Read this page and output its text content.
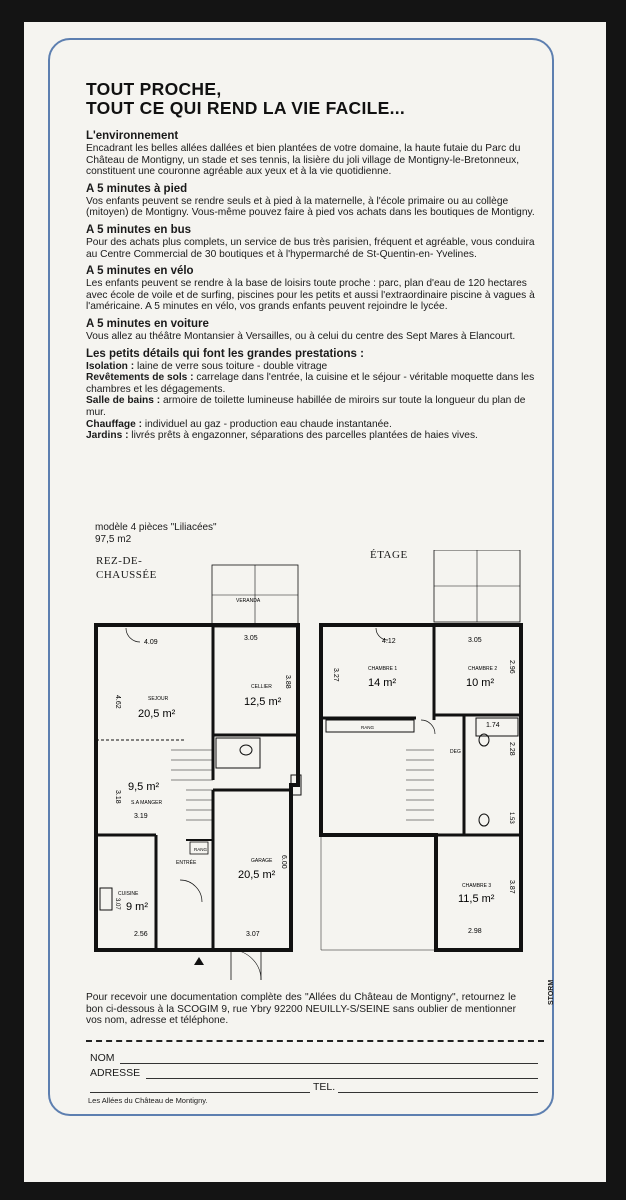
TOUT PROCHE,
TOUT CE QUI REND LA VIE FACILE...
L'environnement
Encadrant les belles allées dallées et bien plantées de votre domaine, la haute futaie du Parc du Château de Montigny, un stade et ses tennis, la lisière du joli village de Montigny-le-Bretonneux, constituent une couronne agréable aux yeux et à la vie quotidienne.
A 5 minutes à pied
Vos enfants peuvent se rendre seuls et à pied à la maternelle, à l'école primaire ou au collège (mitoyen) de Montigny. Vous-même pouvez faire à pied vos achats dans les boutiques de Montigny.
A 5 minutes en bus
Pour des achats plus complets, un service de bus très parisien, fréquent et agréable, vous conduira au Centre Commercial de 30 boutiques et à l'hypermarché de St-Quentin-en- Yvelines.
A 5 minutes en vélo
Les enfants peuvent se rendre à la base de loisirs toute proche : parc, plan d'eau de 120 hectares avec école de voile et de surfing, piscines pour les petits et aussi l'extraordinaire piscine à vagues à l'américaine. A 5 minutes en vélo, vos grands enfants peuvent rejoindre le lycée.
A 5 minutes en voiture
Vous allez au théâtre Montansier à Versailles, ou à celui du centre des Sept Mares à Elancourt.
Les petits détails qui font les grandes prestations :
Isolation : laine de verre sous toiture - double vitrage
Revêtements de sols : carrelage dans l'entrée, la cuisine et le séjour - véritable moquette dans les chambres et les dégagements.
Salle de bains : armoire de toilette lumineuse habillée de miroirs sur toute la longueur du plan de mur.
Chauffage : individuel au gaz - production eau chaude instantanée.
Jardins : livrés prêts à engazonner, séparations des parcelles plantées de haies vives.
modèle 4 pièces "Liliacées"
97,5 m2
REZ-DE-
CHAUSSÉE
ÉTAGE
VERANDA
SEJOUR
20,5 m²
CELLIER
12,5 m²
9,5 m²
S.A MANGER
ENTRÉE
RANG
GARAGE
20,5 m²
CUISINE
9 m²
4.09
3.05
4.62
3.88
3.18
3.19
6.00
2.56	3.07
3.07
CHAMBRE 1
14 m²
CHAMBRE 2
10 m²
CHAMBRE 3
11,5 m²
DEG
RANG
4.12	3.05
3.27
2.96
1.74
2.28
3.87
2.98
1.53
Pour recevoir une documentation complète des "Allées du Château de Montigny", retournez le bon ci-dessous à la SCOGIM 9, rue Ybry 92200 NEUILLY-S/SEINE sans oublier de mentionner vos nom, adresse et téléphone.
NOM
ADRESSE
TEL.
Les Allées du Château de Montigny.
STORM
